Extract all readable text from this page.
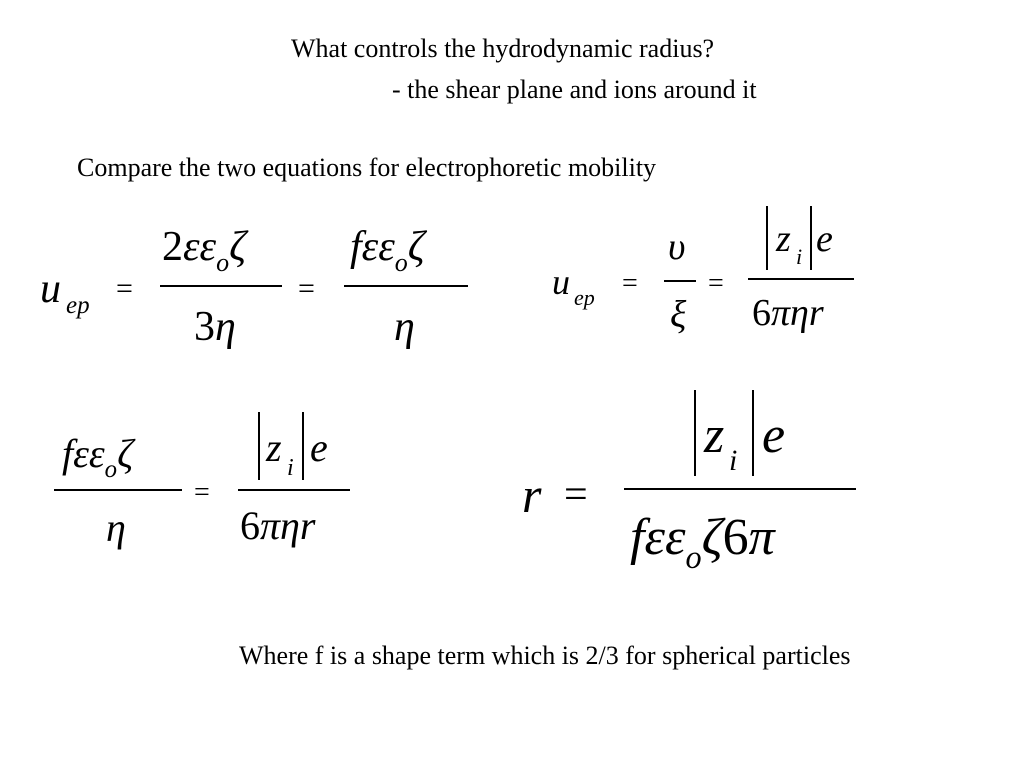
What controls the hydrodynamic radius?
- the shear plane and ions around it
Compare the two equations for electrophoretic mobility
u ep
=
$2\varepsilon\varepsilon_o\zeta$
3η
=
fεε$_o$ζ
η
u ep =
υ
ξ
=
z i e
6πηr
fεε$_o$ζ
η
=
z i e
6πηr
r =
z i e
fεε$_o$ζ6π
Where f is a shape term which is 2/3 for spherical particles
